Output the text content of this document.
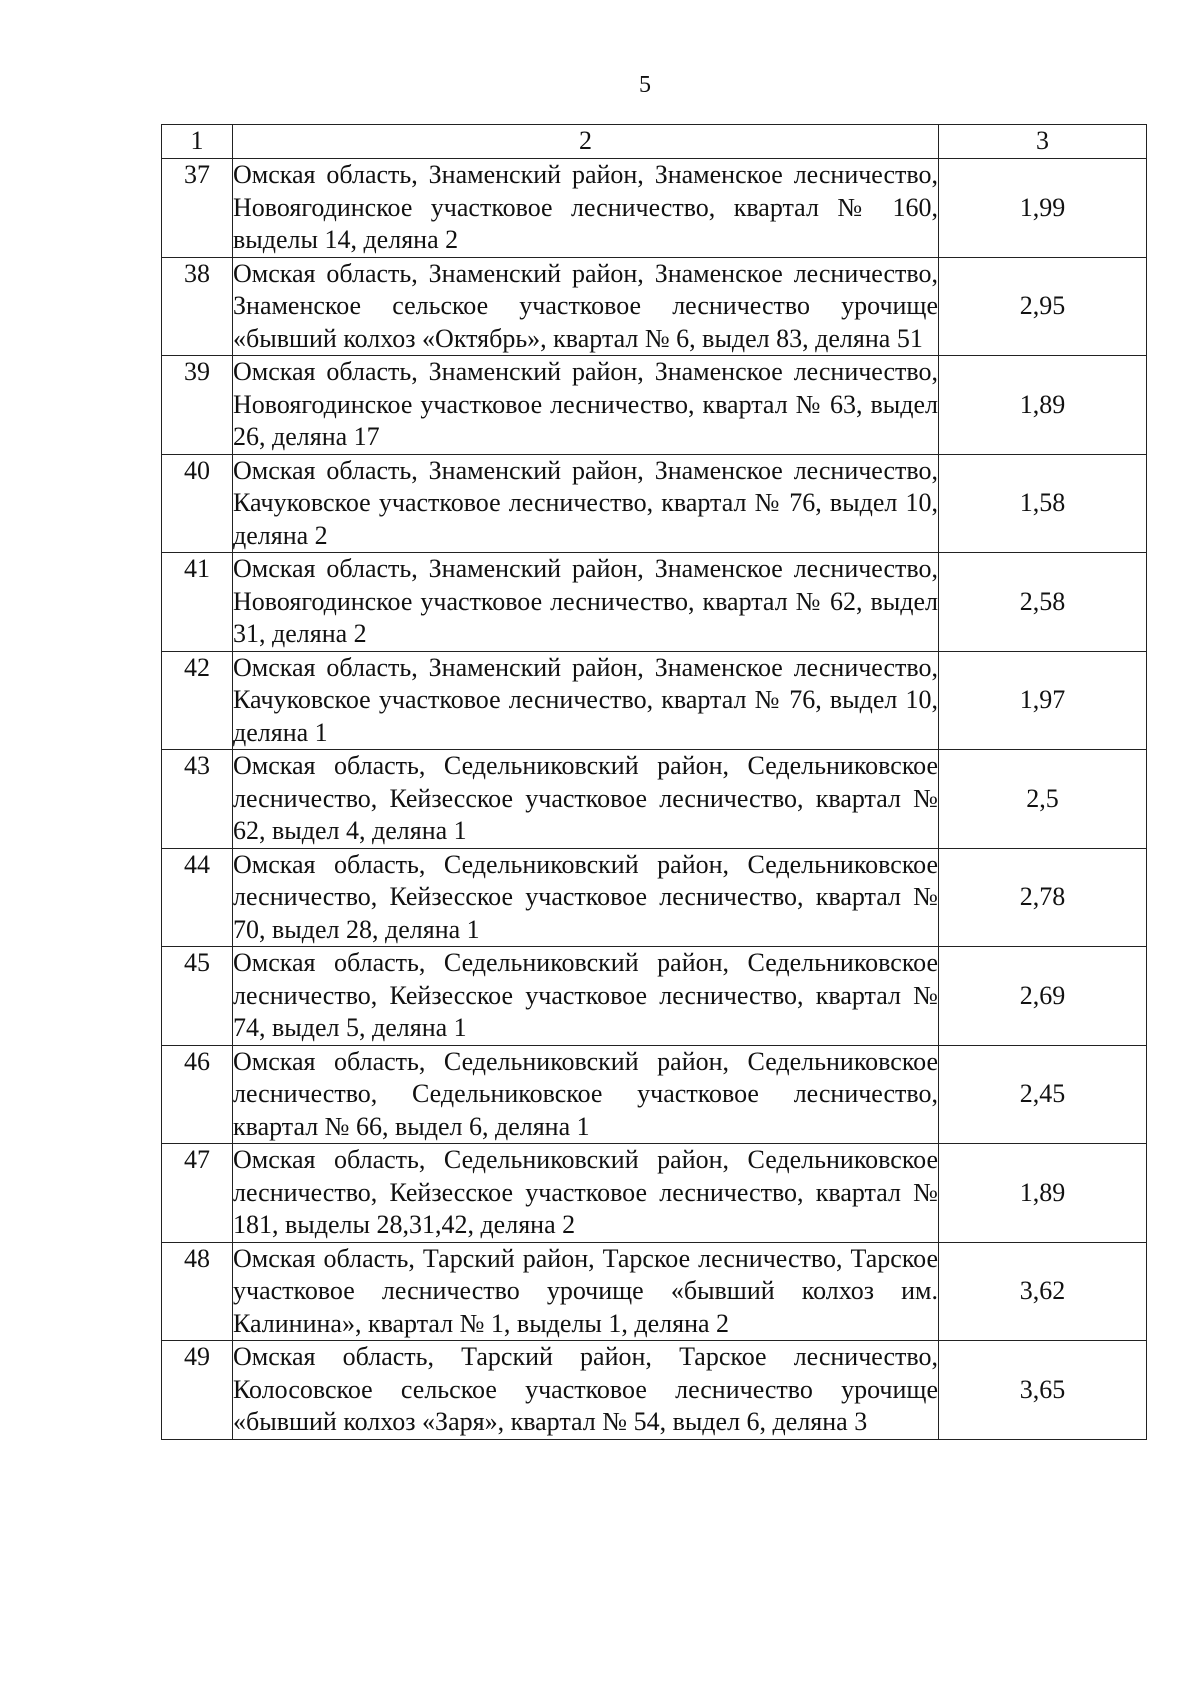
5
1	2	3
37	Омская область, Знаменский район, Знаменское лесничество, Новоягодинское участковое лесничество, квартал № 160, выделы 14, деляна 2	1,99
38	Омская область, Знаменский район, Знаменское лесничество, Знаменское сельское участковое лесничество урочище «бывший колхоз «Октябрь», квартал № 6, выдел 83, деляна 51	2,95
39	Омская область, Знаменский район, Знаменское лесничество, Новоягодинское участковое лесничество, квартал № 63, выдел 26, деляна 17	1,89
40	Омская область, Знаменский район, Знаменское лесничество, Качуковское участковое лесничество, квартал № 76, выдел 10, деляна 2	1,58
41	Омская область, Знаменский район, Знаменское лесничество, Новоягодинское участковое лесничество, квартал № 62, выдел 31, деляна 2	2,58
42	Омская область, Знаменский район, Знаменское лесничество, Качуковское участковое лесничество, квартал № 76, выдел 10, деляна 1	1,97
43	Омская область, Седельниковский район, Седельниковское лесничество, Кейзесское участковое лесничество, квартал № 62, выдел 4, деляна 1	2,5
44	Омская область, Седельниковский район, Седельниковское лесничество, Кейзесское участковое лесничество, квартал № 70, выдел 28, деляна 1	2,78
45	Омская область, Седельниковский район, Седельниковское лесничество, Кейзесское участковое лесничество, квартал № 74, выдел 5, деляна 1	2,69
46	Омская область, Седельниковский район, Седельниковское лесничество, Седельниковское участковое лесничество, квартал № 66, выдел 6, деляна 1	2,45
47	Омская область, Седельниковский район, Седельниковское лесничество, Кейзесское участковое лесничество, квартал № 181, выделы 28,31,42, деляна 2	1,89
48	Омская область, Тарский район, Тарское лесничество, Тарское участковое лесничество урочище «бывший колхоз им. Калинина», квартал № 1, выделы 1, деляна 2	3,62
49	Омская область, Тарский район, Тарское лесничество, Колосовское сельское участковое лесничество урочище «бывший колхоз «Заря», квартал № 54, выдел 6, деляна 3	3,65
